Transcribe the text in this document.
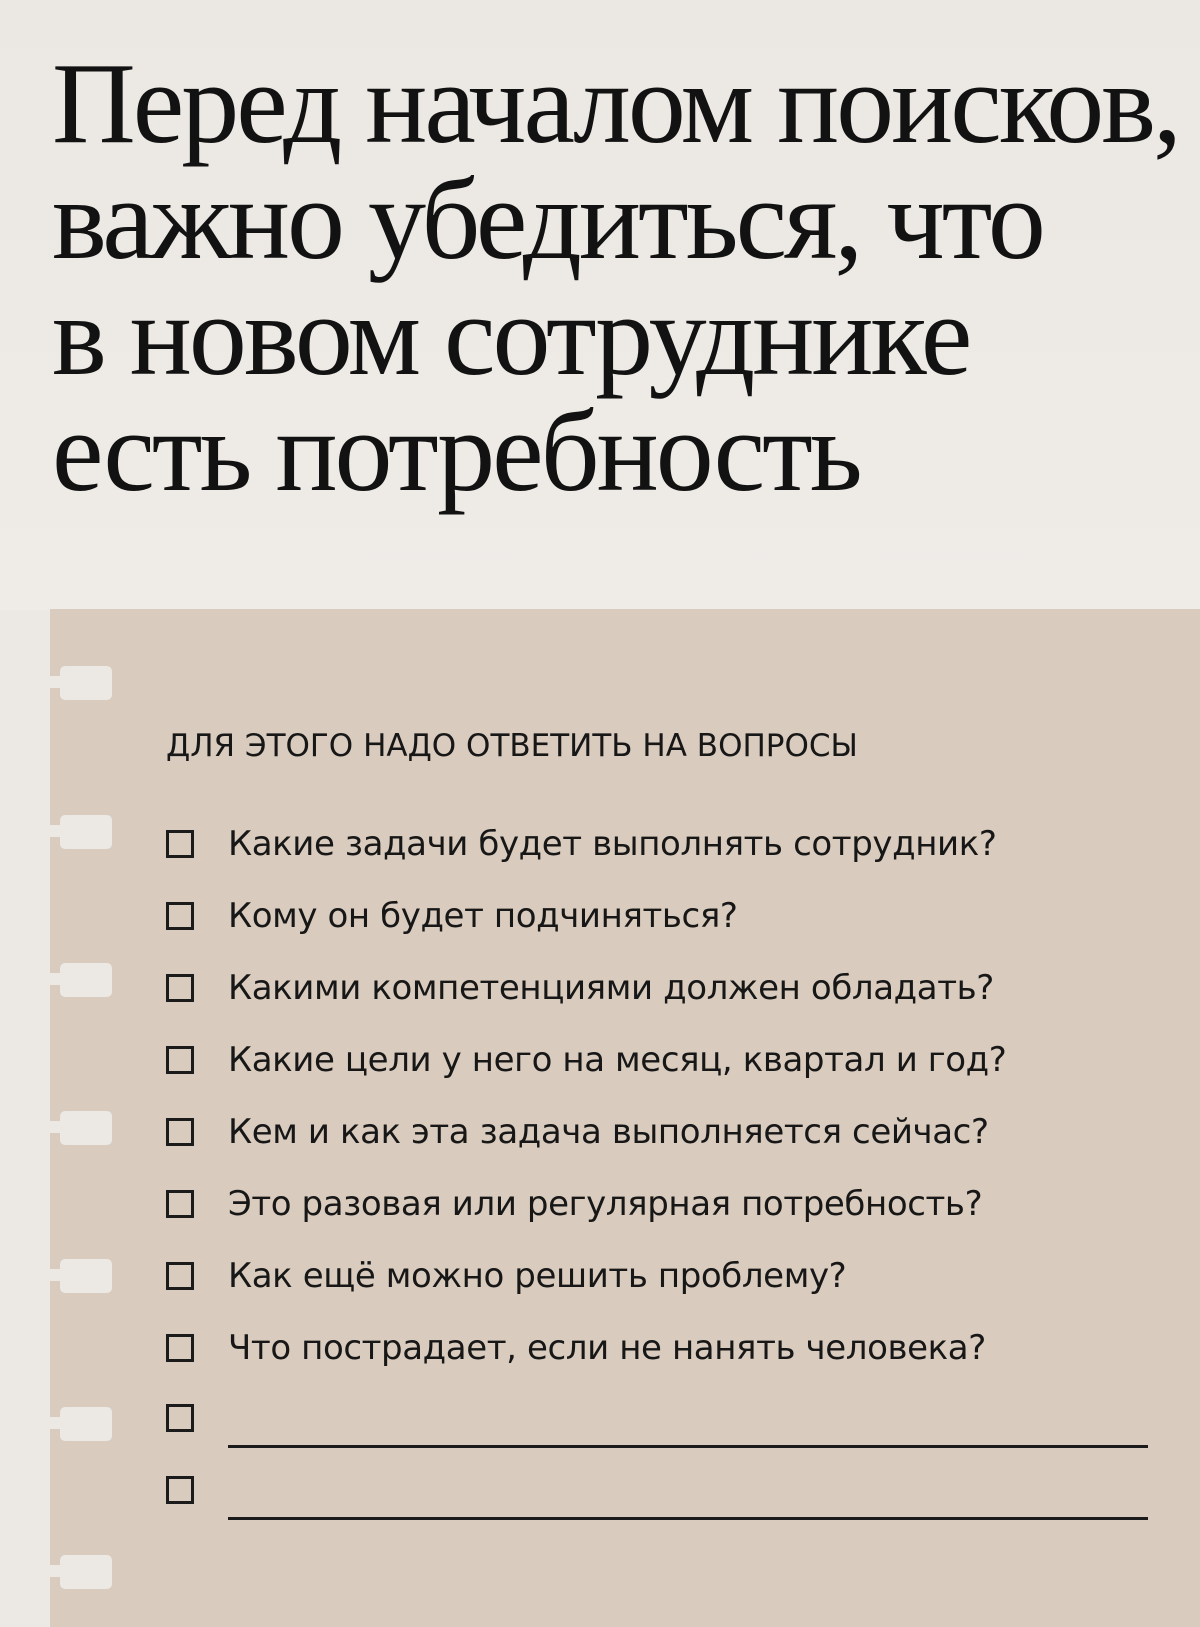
Перед началом поисков,
важно убедиться, что
в новом сотруднике
есть потребность
ДЛЯ ЭТОГО НАДО ОТВЕТИТЬ НА ВОПРОСЫ
Какие задачи будет выполнять сотрудник?
Кому он будет подчиняться?
Какими компетенциями должен обладать?
Какие цели у него на месяц, квартал и год?
Кем и как эта задача выполняется сейчас?
Это разовая или регулярная потребность?
Как ещё можно решить проблему?
Что пострадает, если не нанять человека?
